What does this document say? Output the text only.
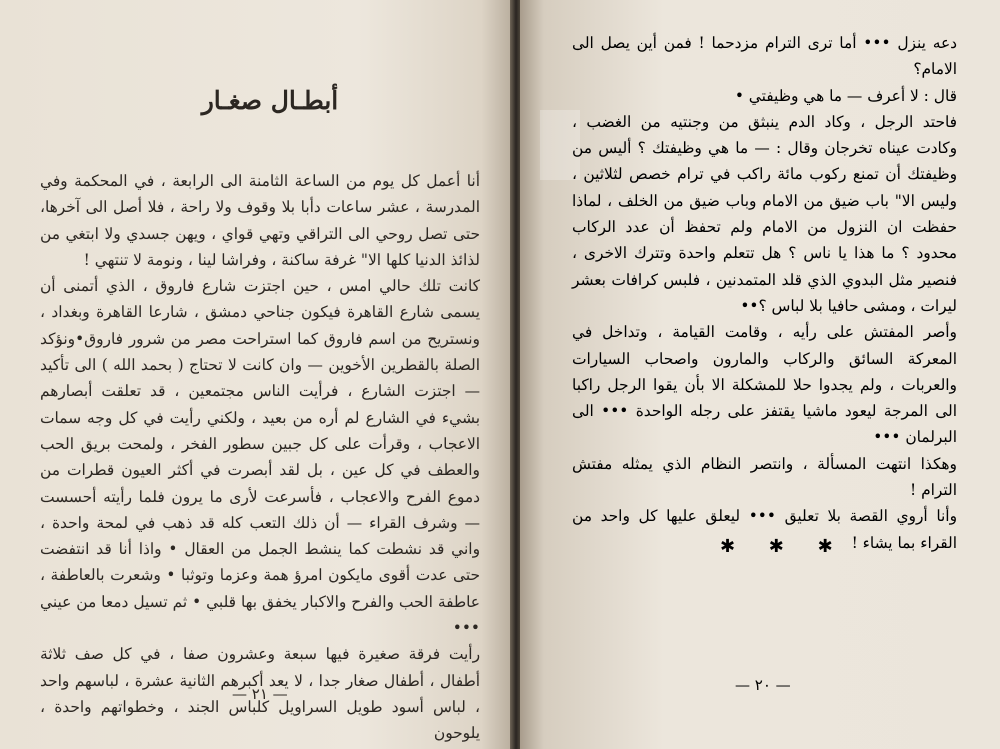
أبطـال صغـار

أنا أعمل كل يوم من الساعة الثامنة الى الرابعة ، في المحكمة وفي المدرسة ، عشر ساعات دأبا بلا وقوف ولا راحة ، فلا أصل الى آخرها، حتى تصل روحي الى التراقي وتهي قواي ، ويهن جسدي ولا ابتغي من لذائذ الدنيا كلها الا" غرفة ساكنة ، وفراشا لينا ، ونومة لا تنتهي !

كانت تلك حالي امس ، حين اجتزت شارع فاروق ، الذي أتمنى أن يسمى شارع القاهرة فيكون جناحي دمشق ، شارعا القاهرة وبغداد ، ونستريح من اسم فاروق كما استراحت مصر من شرور فاروق•ونؤكد الصلة بالقطرين الأخوين — وان كانت لا تحتاج ( بحمد الله ) الى تأكيد — اجتزت الشارع ، فرأيت الناس مجتمعين ، قد تعلقت أبصارهم بشيء في الشارع لم أره من بعيد ، ولكني رأيت في كل وجه سمات الاعجاب ، وقرأت على كل جبين سطور الفخر ، ولمحت بريق الحب والعطف في كل عين ، بل لقد أبصرت في أكثر العيون قطرات من دموع الفرح والاعجاب ، فأسرعت لأرى ما يرون فلما رأيته أحسست — وشرف القراء — أن ذلك التعب كله قد ذهب في لمحة واحدة ، واني قد نشطت كما ينشط الجمل من العقال • واذا أنا قد انتفضت حتى عدت أقوى مايكون امرؤ همة وعزما وتوثبا • وشعرت بالعاطفة ، عاطفة الحب والفرح والاكبار يخفق بها قلبي • ثم تسيل دمعا من عيني •••

رأيت فرقة صغيرة فيها سبعة وعشرون صفا ، في كل صف ثلاثة أطفال ، أطفال صغار جدا ، لا يعد أكبرهم الثانية عشرة ، لباسهم واحد ، لباس أسود طويل السراويل كلباس الجند ، وخطواتهم واحدة ، يلوحون

— ٢١ —

دعه ينزل ••• أما ترى الترام مزدحما ! فمن أين يصل الى الامام؟

قال : لا أعرف — ما هي وظيفتي •

فاحتد الرجل ، وكاد الدم ينبثق من وجنتيه من الغضب ، وكادت عيناه تخرجان وقال : — ما هي وظيفتك ؟ أليس من وظيفتك أن تمنع ركوب مائة راكب في ترام خصص لثلاثين ، وليس الا" باب ضيق من الامام وباب ضيق من الخلف ، لماذا حفظت ان النزول من الامام ولم تحفظ أن عدد الركاب محدود ؟ ما هذا يا ناس ؟ هل تتعلم واحدة وتترك الاخرى ، فنصير مثل البدوي الذي قلد المتمدنين ، فلبس كرافات بعشر ليرات ، ومشى حافيا بلا لباس ؟••

وأصر المفتش على رأيه ، وقامت القيامة ، وتداخل في المعركة السائق والركاب والمارون واصحاب السيارات والعربات ، ولم يجدوا حلا للمشكلة الا بأن يقوا الرجل راكبا الى المرجة ليعود ماشيا يقتفز على رجله الواحدة ••• الى البرلمان •••

وهكذا انتهت المسألة ، وانتصر النظام الذي يمثله مفتش الترام !

وأنا أروي القصة بلا تعليق ••• ليعلق عليها كل واحد من القراء بما يشاء !

✱ ✱ ✱
— ٢٠ —
